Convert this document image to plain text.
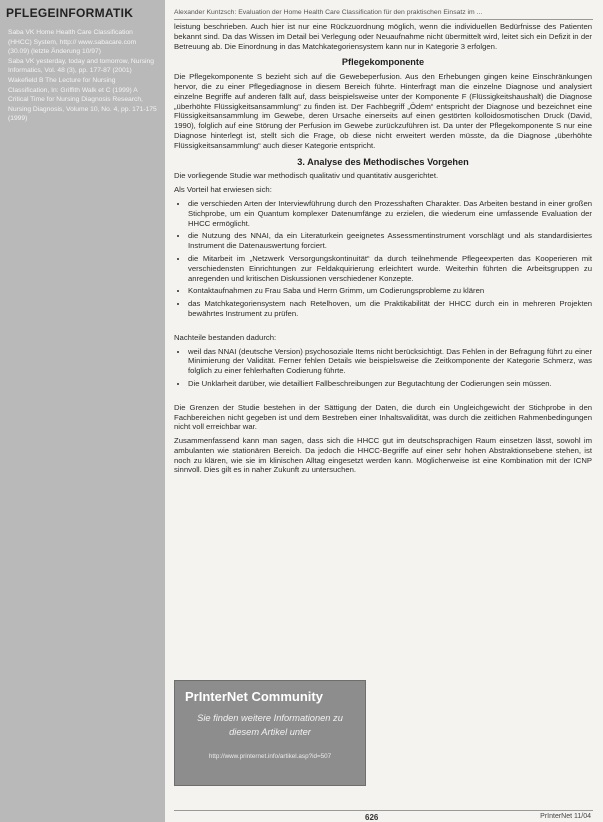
PFLEGEINFORMATIK

Saba VK Home Health Care Classification (HHCC) System, http:// www.sabacare.com (30.09) (letzte Änderung 10/97)

Saba VK yesterday, today and tomorrow, Nursing Informatics, Vol. 48 (3), pp. 177-87 (2001)

Wakefield B The Lecture for Nursing Classification, In: Griffith Walk et C (1999) A Critical Time for Nursing Diagnosis Research, Nursing Diagnosis, Volume 10, No. 4, pp. 171-175 (1999)

Alexander Kuntzsch: Evaluation der Home Health Care Classification für den praktischen Einsatz im ...

leistung beschrieben. Auch hier ist nur eine Rückzuordnung möglich, wenn die individuellen Bedürfnisse des Patienten bekannt sind. Da das Wissen im Detail bei Verlegung oder Neuaufnahme nicht übermittelt wird, leitet sich ein Defizit in der Betreuung ab. Die Einordnung in das Matchkategoriensystem kann nur in Kategorie 3 erfolgen.

Pflegekomponente

Die Pflegekomponente S bezieht sich auf die Gewebeperfusion. Aus den Erhebungen gingen keine Einschränkungen hervor, die zu einer Pflegediagnose in diesem Bereich führte. Hinterfragt man die einzelne Diagnose und analysiert einzelne Begriffe auf anderen fällt auf, dass beispielsweise unter der Komponente F (Flüssigkeitshaushalt) die Diagnose „überhöhte Flüssigkeitsansammlung“ zu finden ist. Der Fachbegriff „Ödem“ entspricht der Diagnose und bezeichnet eine Flüssigkeitsansammlung im Gewebe, deren Ursache einerseits auf einen gestörten kolloidosmotischen Druck (David, 1990), folglich auf eine Störung der Perfusion im Gewebe zurückzuführen ist. Da unter der Pflegekomponente S nur eine Diagnose hinterlegt ist, stellt sich die Frage, ob diese nicht erweitert werden müsste, da die Diagnose „überhöhte Flüssigkeitsansammlung“ auch dieser Kategorie entspricht.

3. Analyse des Methodisches Vorgehen

Die vorliegende Studie war methodisch qualitativ und quantitativ ausgerichtet.

Als Vorteil hat erwiesen sich:

• die verschieden Arten der Interviewführung durch den Prozesshaften Charakter. Das Arbeiten bestand in einer großen Stichprobe, um ein Quantum komplexer Datenumfänge zu erzielen, die wiederum eine umfassende Evaluation der HHCC ermöglicht.
• die Nutzung des NNAI, da ein Literaturkein geeignetes Assessmentinstrument vorschlägt und als standardisiertes Instrument die Datenauswertung forciert.
• die Mitarbeit im „Netzwerk Versorgungskontinuität“ da durch teilnehmende Pflegeexperten das Kooperieren mit verschiedensten Einrichtungen zur Feldakquirierung erleichtert wurde. Weiterhin führten die Arbeitsgruppen zu anregenden und kritischen Diskussionen verschiedener Konzepte.
• Kontaktaufnahmen zu Frau Saba und Herrn Grimm, um Codierungsprobleme zu klären
• das Matchkategoriensystem nach Retelhoven, um die Praktikabilität der HHCC durch ein in mehreren Projekten bewährtes Instrument zu prüfen.

Nachteile bestanden dadurch:

• weil das NNAI (deutsche Version) psychosoziale Items nicht berücksichtigt. Das Fehlen in der Befragung führt zu einer Minimierung der Validität. Ferner fehlen Details wie beispielsweise die Zeitkomponente der Kategorie Schmerz, was folglich zu einer fehlerhaften Codierung führte.
• Die Unklarheit darüber, wie detailliert Fallbeschreibungen zur Begutachtung der Codierungen sein müssen.

Die Grenzen der Studie bestehen in der Sättigung der Daten, die durch ein Ungleichgewicht der Stichprobe in den Fachbereichen nicht gegeben ist und dem Bestreben einer Inhaltsvalidität, was durch die zeitlichen Rahmenbedingungen nicht voll erreichbar war.

Zusammenfassend kann man sagen, dass sich die HHCC gut im deutschsprachigen Raum einsetzen lässt, sowohl im ambulanten wie stationären Bereich. Da jedoch die HHCC-Begriffe auf einer sehr hohen Abstraktionsebene stehen, ist noch zu klären, wie sie im klinischen Alltag eingesetzt werden kann. Möglicherweise ist eine Kombination mit der ICNP sinnvoll. Dies gilt es in naher Zukunft zu untersuchen.

PrInterNet Community
Sie finden weitere Informationen zu
diesem Artikel unter
http://www.printernet.info/artikel.asp?id=507
626	PrInterNet 11/04
